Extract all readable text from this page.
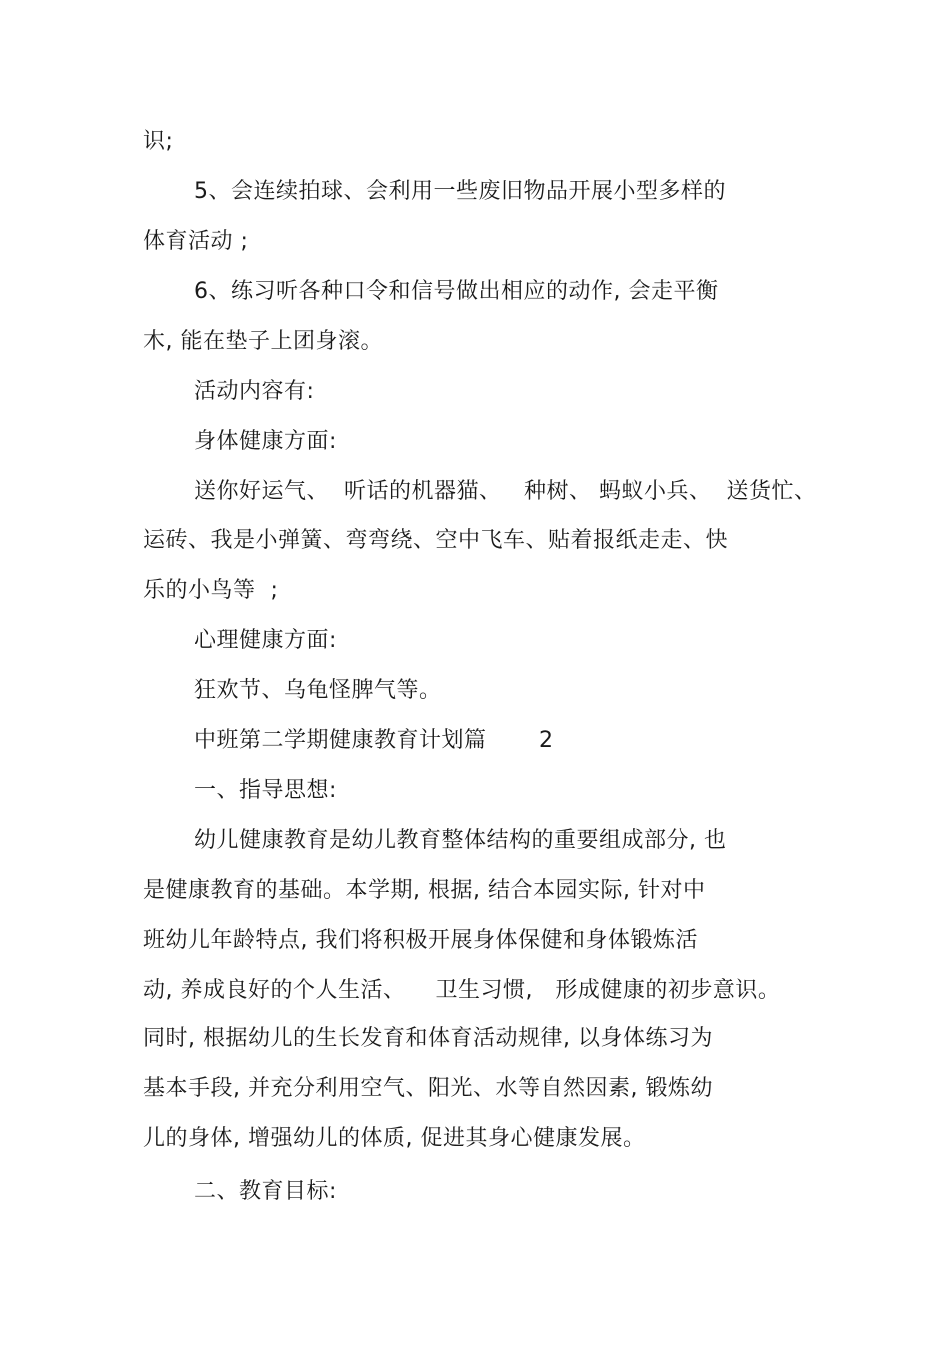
识;
5、会连续拍球、会利用一些废旧物品开展小型多样的
体育活动 ;
6、练习听各种口令和信号做出相应的动作, 会走平衡
木, 能在垫子上团身滚。
活动内容有:
身体健康方面:
送你好运气、  听话的机器猫、   种树、 蚂蚁小兵、  送货忙、
运砖、我是小弹簧、弯弯绕、空中飞车、贴着报纸走走、快
乐的小鸟等  ;
心理健康方面:
狂欢节、乌龟怪脾气等。
中班第二学期健康教育计划篇       2
一、指导思想:
幼儿健康教育是幼儿教育整体结构的重要组成部分, 也
是健康教育的基础。本学期, 根据, 结合本园实际, 针对中
班幼儿年龄特点, 我们将积极开展身体保健和身体锻炼活
动, 养成良好的个人生活、    卫生习惯,   形成健康的初步意识。
同时, 根据幼儿的生长发育和体育活动规律, 以身体练习为
基本手段, 并充分利用空气、阳光、水等自然因素, 锻炼幼
儿的身体, 增强幼儿的体质, 促进其身心健康发展。
二、教育目标:
